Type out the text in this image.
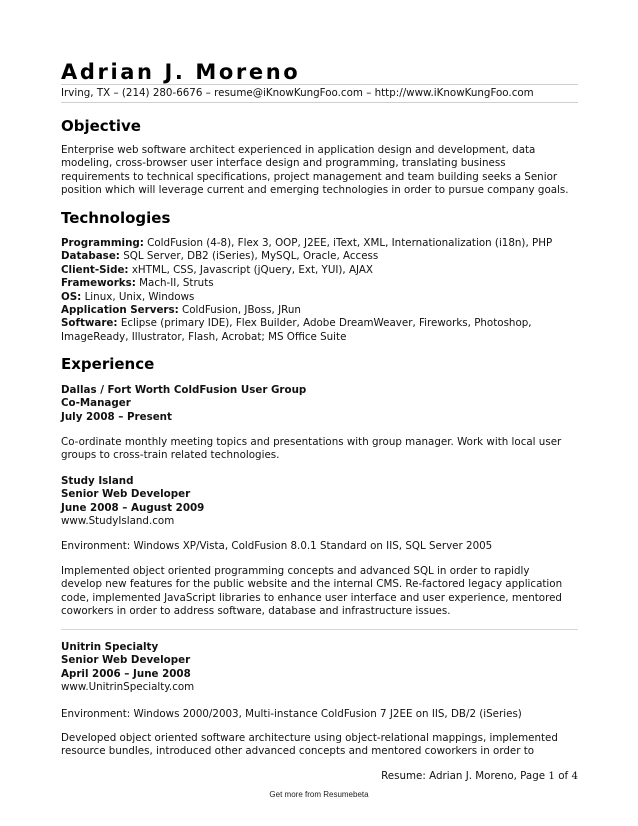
Adrian J. Moreno
Irving, TX – (214) 280-6676 – resume@iKnowKungFoo.com – http://www.iKnowKungFoo.com
Objective
Enterprise web software architect experienced in application design and development, data
modeling, cross-browser user interface design and programming, translating business
requirements to technical specifications, project management and team building seeks a Senior
position which will leverage current and emerging technologies in order to pursue company goals.
Technologies
Programming: ColdFusion (4-8), Flex 3, OOP, J2EE, iText, XML, Internationalization (i18n), PHP
Database: SQL Server, DB2 (iSeries), MySQL, Oracle, Access
Client-Side: xHTML, CSS, Javascript (jQuery, Ext, YUI), AJAX
Frameworks: Mach-II, Struts
OS: Linux, Unix, Windows
Application Servers: ColdFusion, JBoss, JRun
Software: Eclipse (primary IDE), Flex Builder, Adobe DreamWeaver, Fireworks, Photoshop,
ImageReady, Illustrator, Flash, Acrobat; MS Office Suite
Experience
Dallas / Fort Worth ColdFusion User Group
Co-Manager
July 2008 – Present
Co-ordinate monthly meeting topics and presentations with group manager. Work with local user
groups to cross-train related technologies.
Study Island
Senior Web Developer
June 2008 – August 2009
www.StudyIsland.com
Environment: Windows XP/Vista, ColdFusion 8.0.1 Standard on IIS, SQL Server 2005
Implemented object oriented programming concepts and advanced SQL in order to rapidly
develop new features for the public website and the internal CMS. Re-factored legacy application
code, implemented JavaScript libraries to enhance user interface and user experience, mentored
coworkers in order to address software, database and infrastructure issues.
Unitrin Specialty
Senior Web Developer
April 2006 – June 2008
www.UnitrinSpecialty.com
Environment: Windows 2000/2003, Multi-instance ColdFusion 7 J2EE on IIS, DB/2 (iSeries)
Developed object oriented software architecture using object-relational mappings, implemented
resource bundles, introduced other advanced concepts and mentored coworkers in order to
Resume: Adrian J. Moreno, Page 1 of 4
Get more from Resumebeta
